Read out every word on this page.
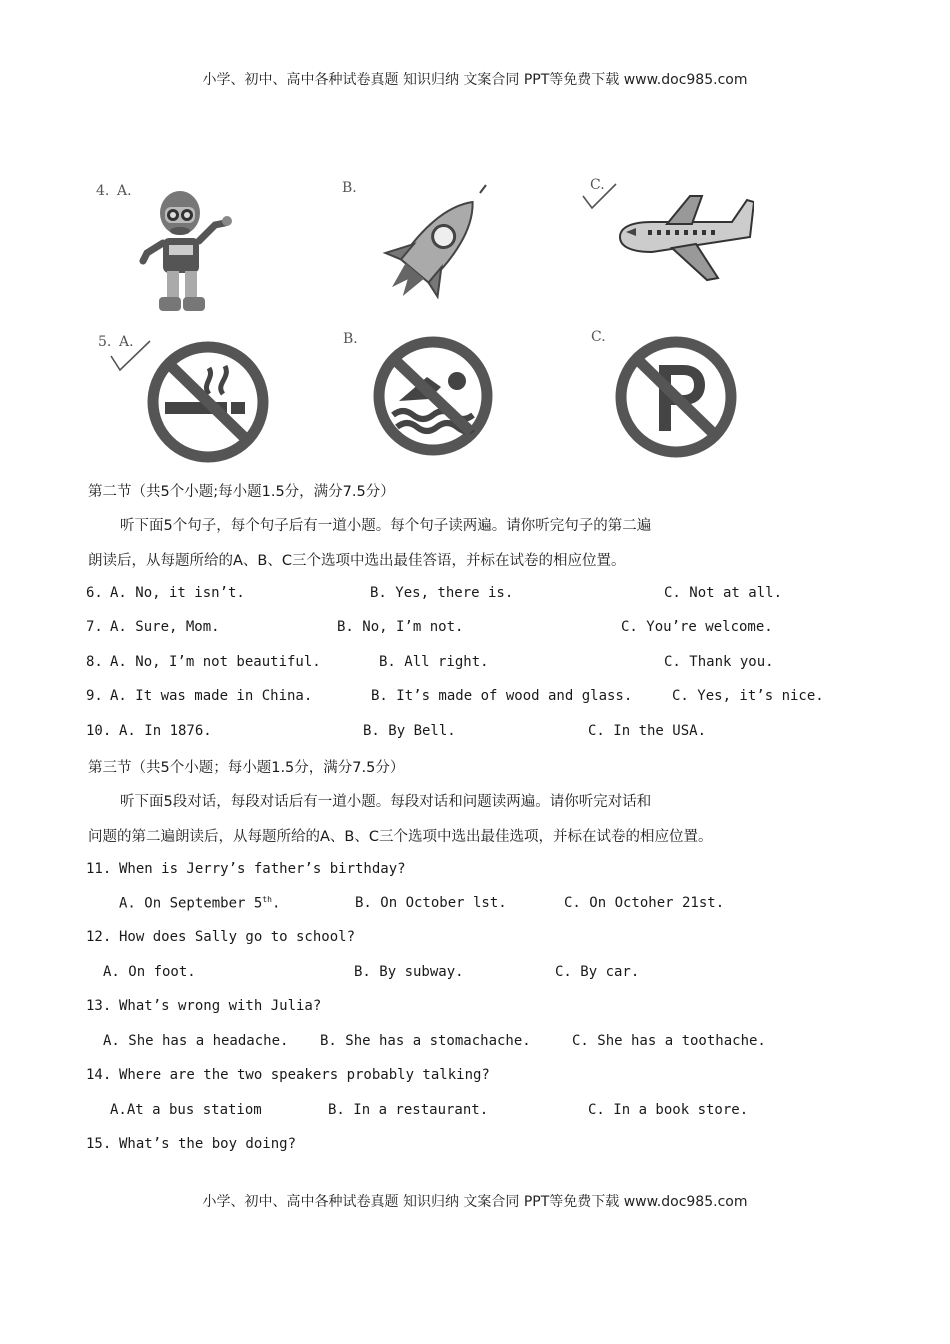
小学、初中、高中各种试卷真题 知识归纳 文案合同 PPT等免费下载 www.doc985.com
4. A.	B.	C.
5. A.	B.	C.
第二节（共5个小题;每小题1.5分，满分7.5分）
听下面5个句子，每个句子后有一道小题。每个句子读两遍。请你听完句子的第二遍
朗读后，从每题所给的A、B、C三个选项中选出最佳答语，并标在试卷的相应位置。
6. A. No, it isn’t.	B. Yes, there is.	C. Not at all.
7. A. Sure, Mom.	B. No, I’m not.	C. You’re welcome.
8. A. No, I’m not beautiful.	B. All right.	C. Thank you.
9. A. It was made in China.	B. It’s made of wood and glass.	C. Yes, it’s nice.
10. A. In 1876.	B. By Bell.	C. In the USA.
第三节（共5个小题；每小题1.5分，满分7.5分）
听下面5段对话，每段对话后有一道小题。每段对话和问题读两遍。请你听完对话和
问题的第二遍朗读后，从每题所给的A、B、C三个选项中选出最佳选项，并标在试卷的相应位置。
11. When is Jerry’s father’s birthday?
A. On September 5th.	B. On October lst.	C. On Octoher 21st.
12. How does Sally go to school?
A. On foot.	B. By subway.	C. By car.
13. What’s wrong with Julia?
A. She has a headache. B. She has a stomachache.	C. She has a toothache.
14. Where are the two speakers probably talking?
A.At a bus statiom	B. In a restaurant.	C. In a book store.
15. What’s the boy doing?
小学、初中、高中各种试卷真题 知识归纳 文案合同 PPT等免费下载 www.doc985.com
